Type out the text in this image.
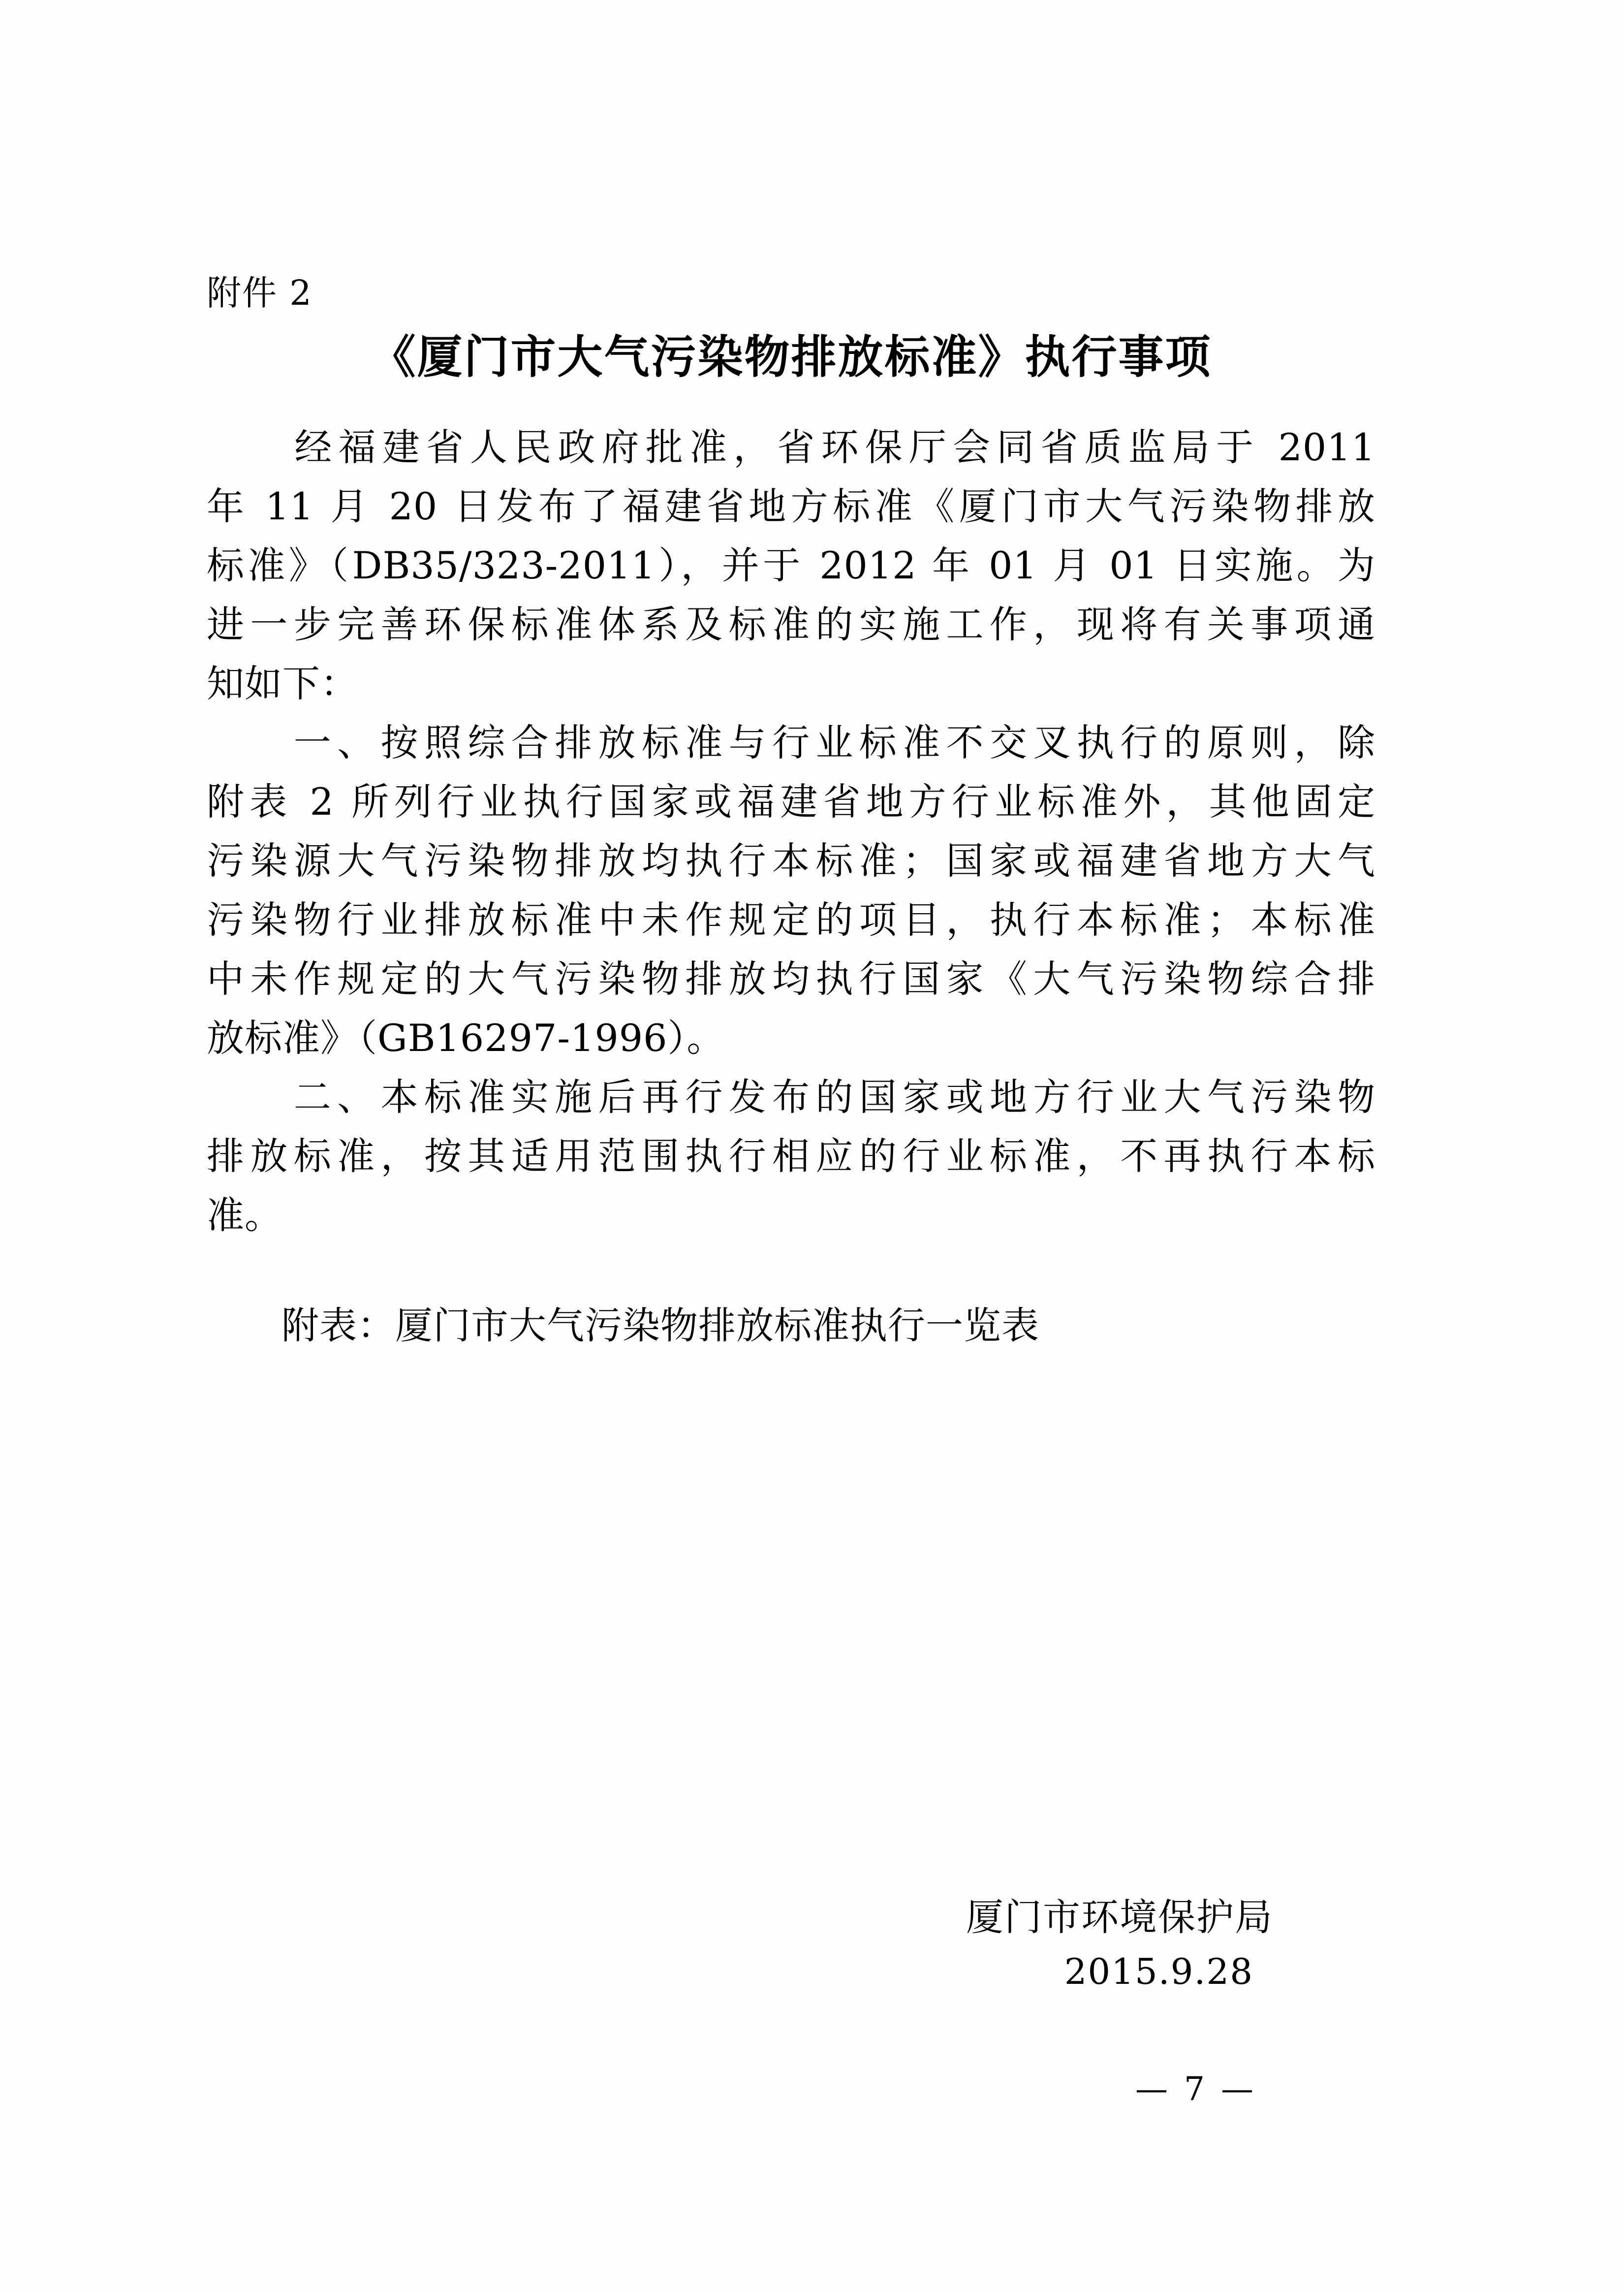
附件 2
《厦门市大气污染物排放标准》执行事项
　　经福建省人民政府批准，省环保厅会同省质监局于 2011
年 11 月 20 日发布了福建省地方标准《厦门市大气污染物排放
标准》（DB35/323-2011），并于 2012 年 01 月 01 日实施。为
进一步完善环保标准体系及标准的实施工作，现将有关事项通
知如下：
　　一、按照综合排放标准与行业标准不交叉执行的原则，除
附表 2 所列行业执行国家或福建省地方行业标准外，其他固定
污染源大气污染物排放均执行本标准；国家或福建省地方大气
污染物行业排放标准中未作规定的项目，执行本标准；本标准
中未作规定的大气污染物排放均执行国家《大气污染物综合排
放标准》（GB16297-1996）。
　　二、本标准实施后再行发布的国家或地方行业大气污染物
排放标准，按其适用范围执行相应的行业标准，不再执行本标
准。
附表：厦门市大气污染物排放标准执行一览表
厦门市环境保护局
2015.9.28
— 7 —
